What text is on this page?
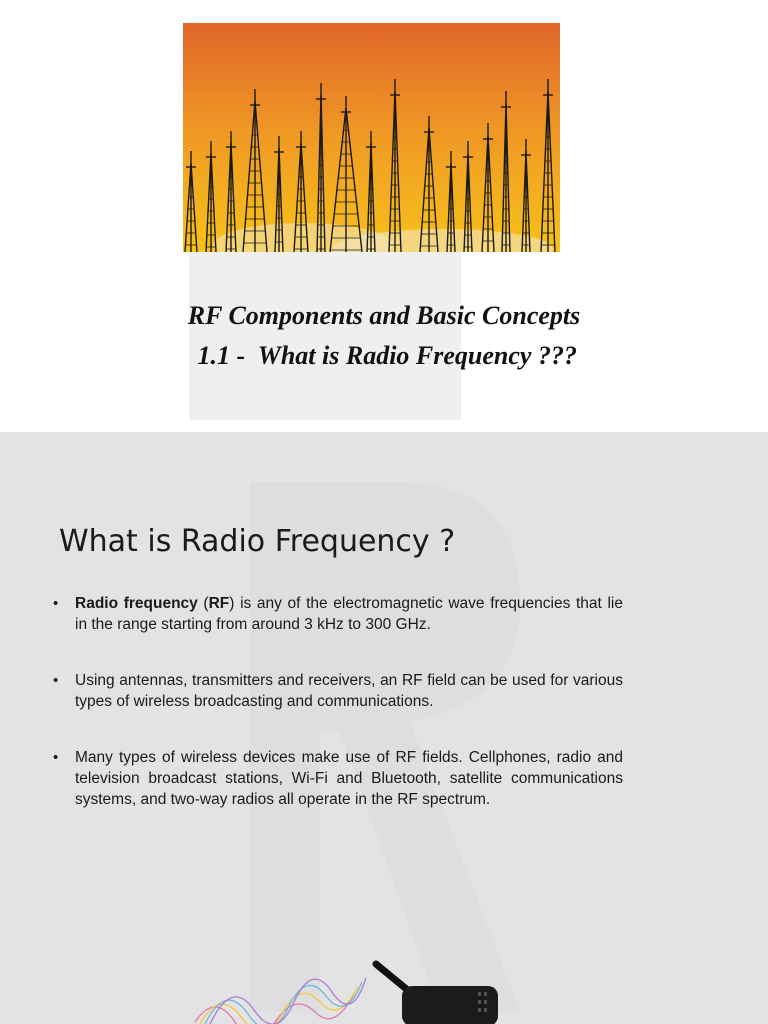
RF Components and Basic Concepts
1.1 -  What is Radio Frequency ???
What is Radio Frequency ?
• Radio frequency (RF) is any of the electromagnetic wave frequencies that lie in the range starting from around 3 kHz to 300 GHz.
• Using antennas, transmitters and receivers, an RF field can be used for various types of wireless broadcasting and communications.
• Many types of wireless devices make use of RF fields. Cellphones, radio and television broadcast stations, Wi-Fi and Bluetooth, satellite communications systems, and two-way radios all operate in the RF spectrum.
